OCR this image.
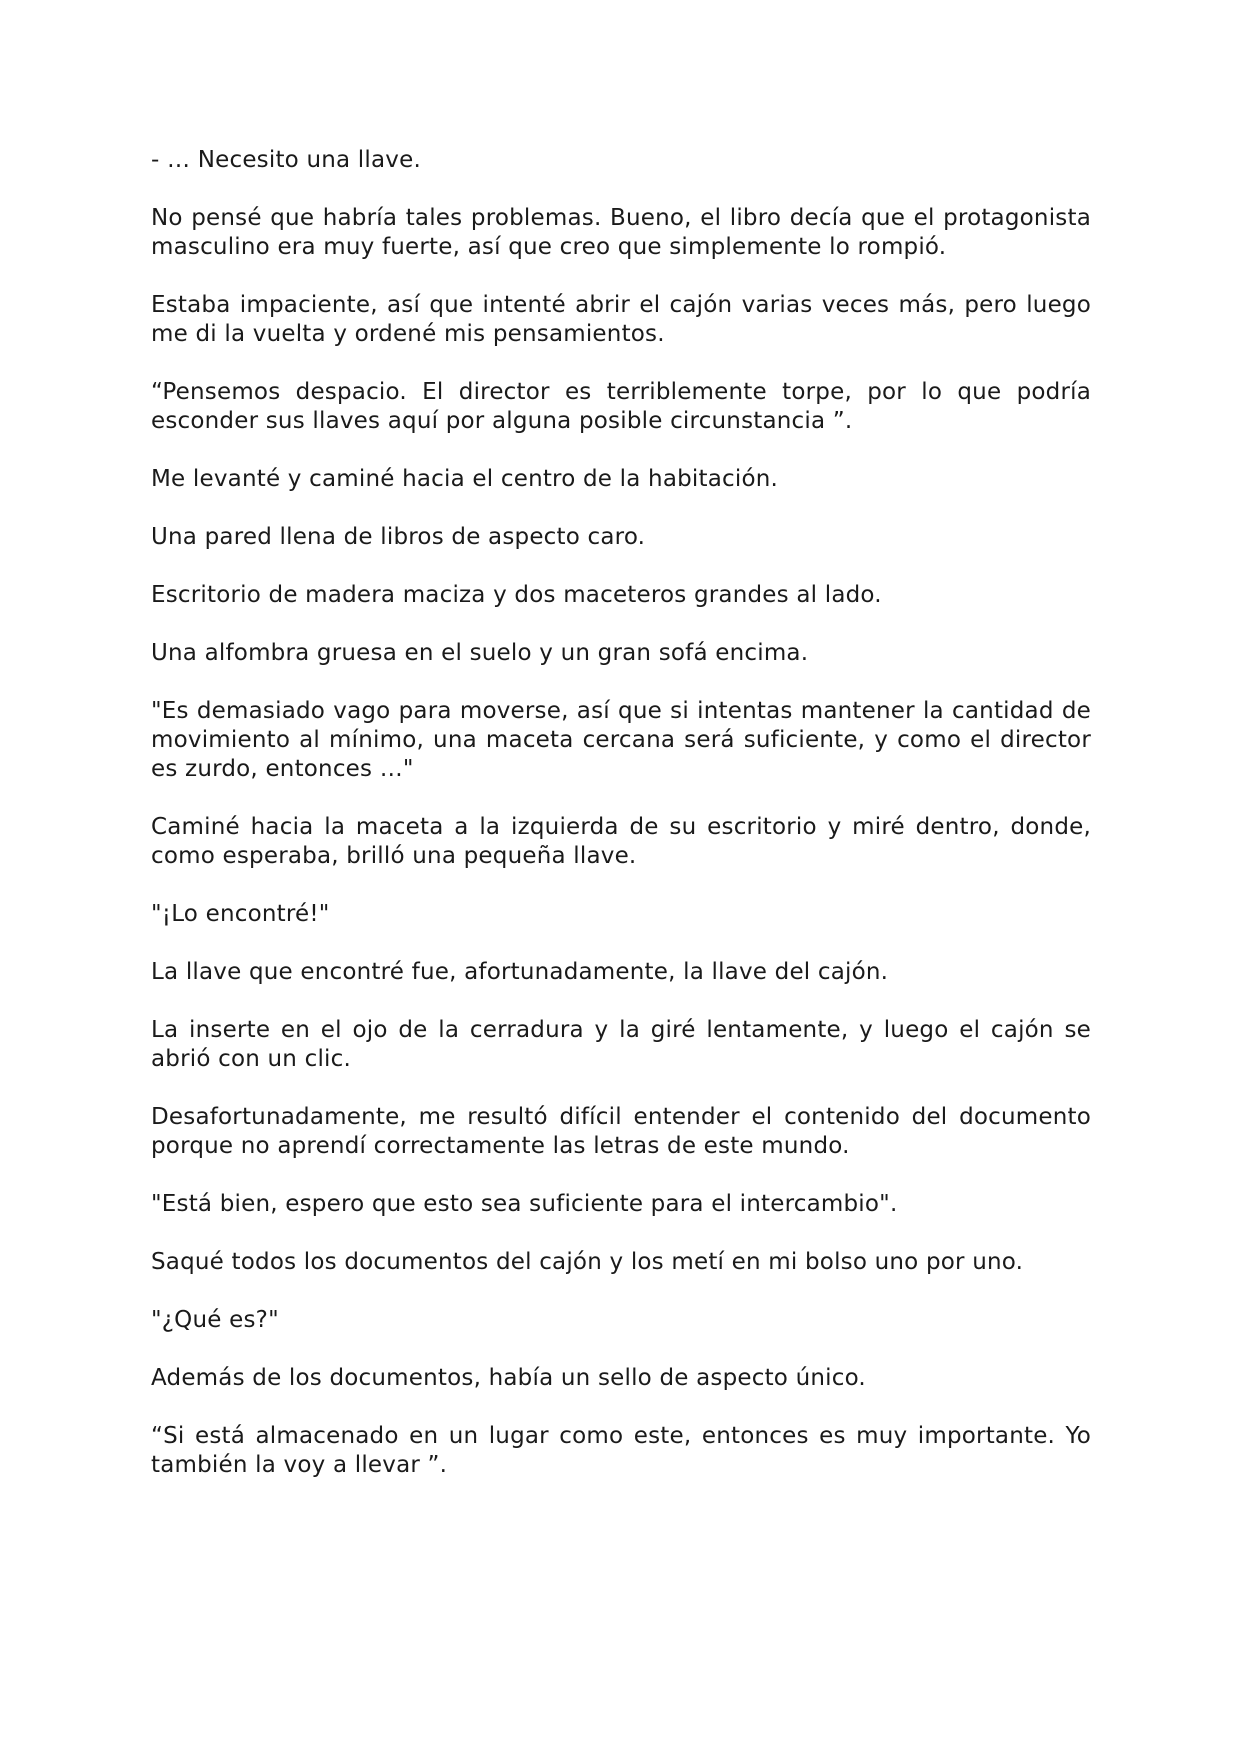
- … Necesito una llave.

No pensé que habría tales problemas. Bueno, el libro decía que el protagonista masculino era muy fuerte, así que creo que simplemente lo rompió.

Estaba impaciente, así que intenté abrir el cajón varias veces más, pero luego me di la vuelta y ordené mis pensamientos.

“Pensemos despacio. El director es terriblemente torpe, por lo que podría esconder sus llaves aquí por alguna posible circunstancia ”.

Me levanté y caminé hacia el centro de la habitación.

Una pared llena de libros de aspecto caro.

Escritorio de madera maciza y dos maceteros grandes al lado.

Una alfombra gruesa en el suelo y un gran sofá encima.

"Es demasiado vago para moverse, así que si intentas mantener la cantidad de movimiento al mínimo, una maceta cercana será suficiente, y como el director es zurdo, entonces …"

Caminé hacia la maceta a la izquierda de su escritorio y miré dentro, donde, como esperaba, brilló una pequeña llave.

"¡Lo encontré!"

La llave que encontré fue, afortunadamente, la llave del cajón.

La inserte en el ojo de la cerradura y la giré lentamente, y luego el cajón se abrió con un clic.

Desafortunadamente, me resultó difícil entender el contenido del documento porque no aprendí correctamente las letras de este mundo.

"Está bien, espero que esto sea suficiente para el intercambio".

Saqué todos los documentos del cajón y los metí en mi bolso uno por uno.

"¿Qué es?"

Además de los documentos, había un sello de aspecto único.

“Si está almacenado en un lugar como este, entonces es muy importante. Yo también la voy a llevar ”.
